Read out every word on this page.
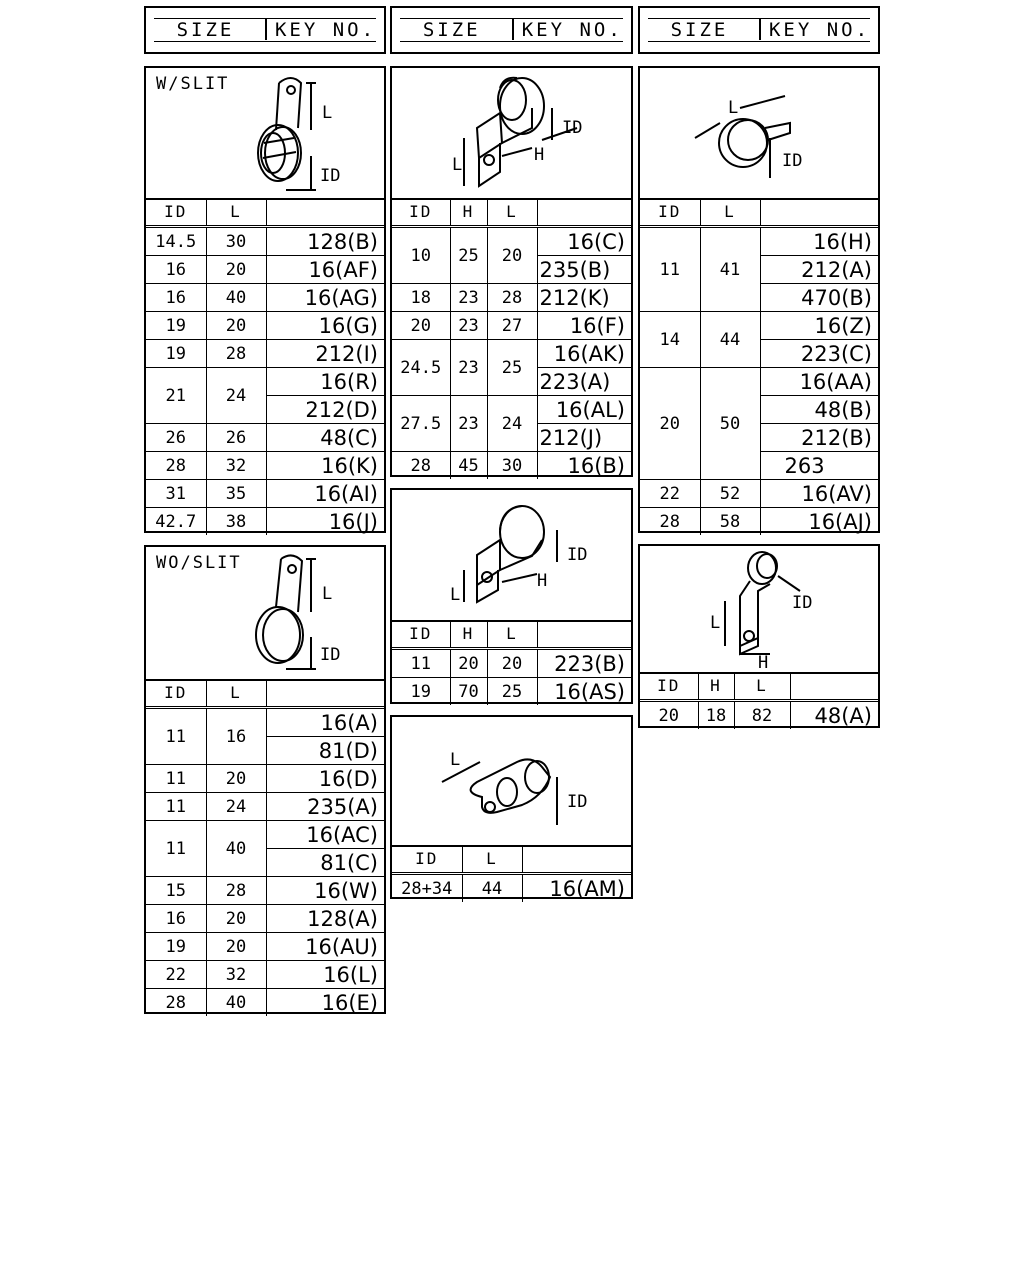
SIZE	KEY NO.	SIZE	KEY NO.	SIZE	KEY NO.
W/SLIT
L
ID
ID	L	
14.5	30	128(B)
16	20	16(AF)
16	40	16(AG)
19	20	16(G)
19	28	212(I)
21	24	16(R)
		212(D)
26	26	48(C)
28	32	16(K)
31	35	16(AI)
42.7	38	16(J)
WO/SLIT
L
ID
ID	L	
11	16	16(A)
		81(D)
11	20	16(D)
11	24	235(A)
11	40	16(AC)
		81(C)
15	28	16(W)
16	20	128(A)
19	20	16(AU)
22	32	16(L)
28	40	16(E)
ID
L	H
ID	H	L	
10	25	20	16(C)
			235(B)
18	23	28	212(K)
20	23	27	16(F)
24.5	23	25	16(AK)
			223(A)
27.5	23	24	16(AL)
			212(J)
28	45	30	16(B)
ID
L
H
ID	H	L	
11	20	20	223(B)
19	70	25	16(AS)
L
ID
ID	L	
28+34	44	16(AM)
L
ID
ID	L	
11	41	16(H)
		212(A)
		470(B)
14	44	16(Z)
		223(C)
20	50	16(AA)
		48(B)
		212(B)
		263
22	52	16(AV)
28	58	16(AJ)
ID
L
H
ID	H	L	
20	18	82	48(A)
